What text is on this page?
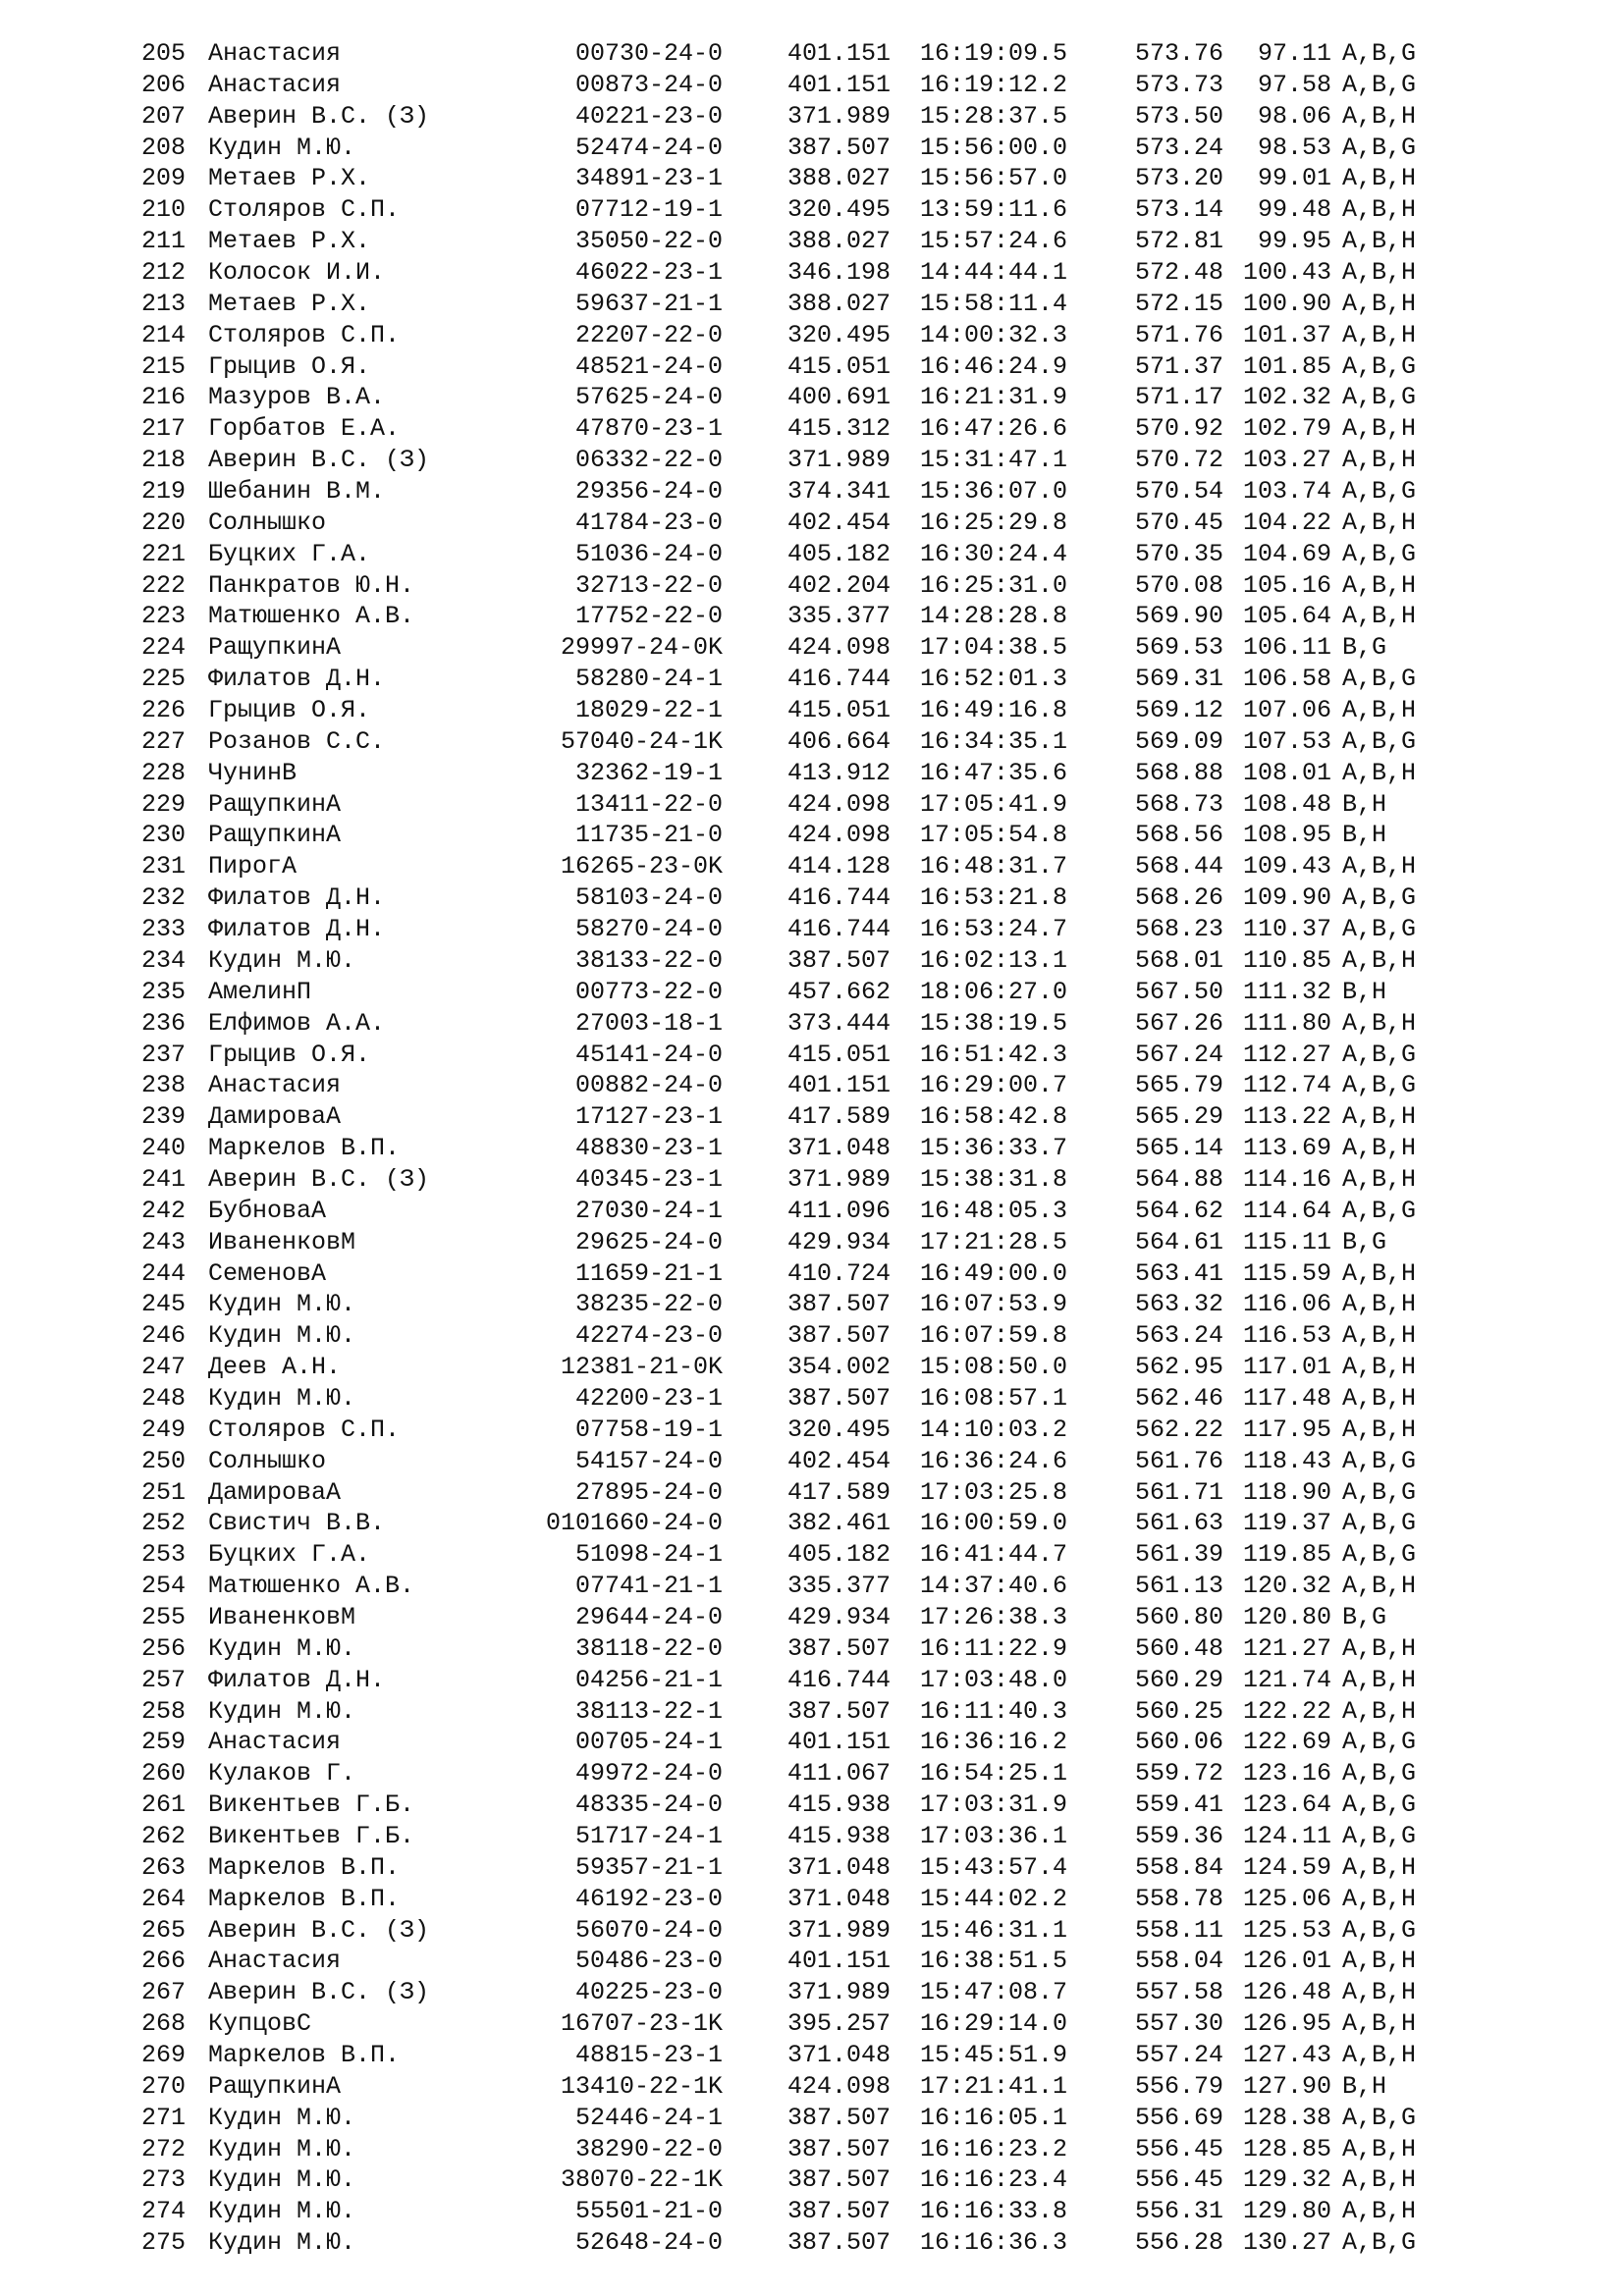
205 Анастасия	00730-24-0	401.151 16:19:09.5	573.76	97.11 A,B,G
206 Анастасия	00873-24-0	401.151 16:19:12.2	573.73	97.58 A,B,G
207 Аверин В.С. (З)	40221-23-0	371.989 15:28:37.5	573.50	98.06 A,B,H
208 Кудин М.Ю.	52474-24-0	387.507 15:56:00.0	573.24	98.53 A,B,G
209 Метаев Р.Х.	34891-23-1	388.027 15:56:57.0	573.20	99.01 A,B,H
210 Столяров С.П.	07712-19-1	320.495 13:59:11.6	573.14	99.48 A,B,H
211 Метаев Р.Х.	35050-22-0	388.027 15:57:24.6	572.81	99.95 A,B,H
212 Колосок И.И.	46022-23-1	346.198 14:44:44.1	572.48 100.43 A,B,H
213 Метаев Р.Х.	59637-21-1	388.027 15:58:11.4	572.15 100.90 A,B,H
214 Столяров С.П.	22207-22-0	320.495 14:00:32.3	571.76 101.37 A,B,H
215 Грыцив О.Я.	48521-24-0	415.051 16:46:24.9	571.37 101.85 A,B,G
216 Мазуров В.А.	57625-24-0	400.691 16:21:31.9	571.17 102.32 A,B,G
217 Горбатов Е.А.	47870-23-1	415.312 16:47:26.6	570.92 102.79 A,B,H
218 Аверин В.С. (З)	06332-22-0	371.989 15:31:47.1	570.72 103.27 A,B,H
219 Шебанин В.М.	29356-24-0	374.341 15:36:07.0	570.54 103.74 A,B,G
220 Солнышко	41784-23-0	402.454 16:25:29.8	570.45 104.22 A,B,H
221 Буцких Г.А.	51036-24-0	405.182 16:30:24.4	570.35 104.69 A,B,G
222 Панкратов Ю.Н.	32713-22-0	402.204 16:25:31.0	570.08 105.16 A,B,H
223 Матюшенко А.В.	17752-22-0	335.377 14:28:28.8	569.90 105.64 A,B,H
224 РащупкинА	29997-24-0K	424.098 17:04:38.5	569.53 106.11 B,G
225 Филатов Д.Н.	58280-24-1	416.744 16:52:01.3	569.31 106.58 A,B,G
226 Грыцив О.Я.	18029-22-1	415.051 16:49:16.8	569.12 107.06 A,B,H
227 Розанов С.С.	57040-24-1K	406.664 16:34:35.1	569.09 107.53 A,B,G
228 ЧунинВ	32362-19-1	413.912 16:47:35.6	568.88 108.01 A,B,H
229 РащупкинА	13411-22-0	424.098 17:05:41.9	568.73 108.48 B,H
230 РащупкинА	11735-21-0	424.098 17:05:54.8	568.56 108.95 B,H
231 ПирогА	16265-23-0K	414.128 16:48:31.7	568.44 109.43 A,B,H
232 Филатов Д.Н.	58103-24-0	416.744 16:53:21.8	568.26 109.90 A,B,G
233 Филатов Д.Н.	58270-24-0	416.744 16:53:24.7	568.23 110.37 A,B,G
234 Кудин М.Ю.	38133-22-0	387.507 16:02:13.1	568.01 110.85 A,B,H
235 АмелинП	00773-22-0	457.662 18:06:27.0	567.50 111.32 B,H
236 Елфимов А.А.	27003-18-1	373.444 15:38:19.5	567.26 111.80 A,B,H
237 Грыцив О.Я.	45141-24-0	415.051 16:51:42.3	567.24 112.27 A,B,G
238 Анастасия	00882-24-0	401.151 16:29:00.7	565.79 112.74 A,B,G
239 ДамироваА	17127-23-1	417.589 16:58:42.8	565.29 113.22 A,B,H
240 Маркелов В.П.	48830-23-1	371.048 15:36:33.7	565.14 113.69 A,B,H
241 Аверин В.С. (З)	40345-23-1	371.989 15:38:31.8	564.88 114.16 A,B,H
242 БубноваА	27030-24-1	411.096 16:48:05.3	564.62 114.64 A,B,G
243 ИваненковМ	29625-24-0	429.934 17:21:28.5	564.61 115.11 B,G
244 СеменовА	11659-21-1	410.724 16:49:00.0	563.41 115.59 A,B,H
245 Кудин М.Ю.	38235-22-0	387.507 16:07:53.9	563.32 116.06 A,B,H
246 Кудин М.Ю.	42274-23-0	387.507 16:07:59.8	563.24 116.53 A,B,H
247 Деев А.Н.	12381-21-0K	354.002 15:08:50.0	562.95 117.01 A,B,H
248 Кудин М.Ю.	42200-23-1	387.507 16:08:57.1	562.46 117.48 A,B,H
249 Столяров С.П.	07758-19-1	320.495 14:10:03.2	562.22 117.95 A,B,H
250 Солнышко	54157-24-0	402.454 16:36:24.6	561.76 118.43 A,B,G
251 ДамироваА	27895-24-0	417.589 17:03:25.8	561.71 118.90 A,B,G
252 Свистич В.В.	0101660-24-0	382.461 16:00:59.0	561.63 119.37 A,B,G
253 Буцких Г.А.	51098-24-1	405.182 16:41:44.7	561.39 119.85 A,B,G
254 Матюшенко А.В.	07741-21-1	335.377 14:37:40.6	561.13 120.32 A,B,H
255 ИваненковМ	29644-24-0	429.934 17:26:38.3	560.80 120.80 B,G
256 Кудин М.Ю.	38118-22-0	387.507 16:11:22.9	560.48 121.27 A,B,H
257 Филатов Д.Н.	04256-21-1	416.744 17:03:48.0	560.29 121.74 A,B,H
258 Кудин М.Ю.	38113-22-1	387.507 16:11:40.3	560.25 122.22 A,B,H
259 Анастасия	00705-24-1	401.151 16:36:16.2	560.06 122.69 A,B,G
260 Кулаков Г.	49972-24-0	411.067 16:54:25.1	559.72 123.16 A,B,G
261 Викентьев Г.Б.	48335-24-0	415.938 17:03:31.9	559.41 123.64 A,B,G
262 Викентьев Г.Б.	51717-24-1	415.938 17:03:36.1	559.36 124.11 A,B,G
263 Маркелов В.П.	59357-21-1	371.048 15:43:57.4	558.84 124.59 A,B,H
264 Маркелов В.П.	46192-23-0	371.048 15:44:02.2	558.78 125.06 A,B,H
265 Аверин В.С. (З)	56070-24-0	371.989 15:46:31.1	558.11 125.53 A,B,G
266 Анастасия	50486-23-0	401.151 16:38:51.5	558.04 126.01 A,B,H
267 Аверин В.С. (З)	40225-23-0	371.989 15:47:08.7	557.58 126.48 A,B,H
268 КупцовС	16707-23-1K	395.257 16:29:14.0	557.30 126.95 A,B,H
269 Маркелов В.П.	48815-23-1	371.048 15:45:51.9	557.24 127.43 A,B,H
270 РащупкинА	13410-22-1K	424.098 17:21:41.1	556.79 127.90 B,H
271 Кудин М.Ю.	52446-24-1	387.507 16:16:05.1	556.69 128.38 A,B,G
272 Кудин М.Ю.	38290-22-0	387.507 16:16:23.2	556.45 128.85 A,B,H
273 Кудин М.Ю.	38070-22-1K	387.507 16:16:23.4	556.45 129.32 A,B,H
274 Кудин М.Ю.	55501-21-0	387.507 16:16:33.8	556.31 129.80 A,B,H
275 Кудин М.Ю.	52648-24-0	387.507 16:16:36.3	556.28 130.27 A,B,G
